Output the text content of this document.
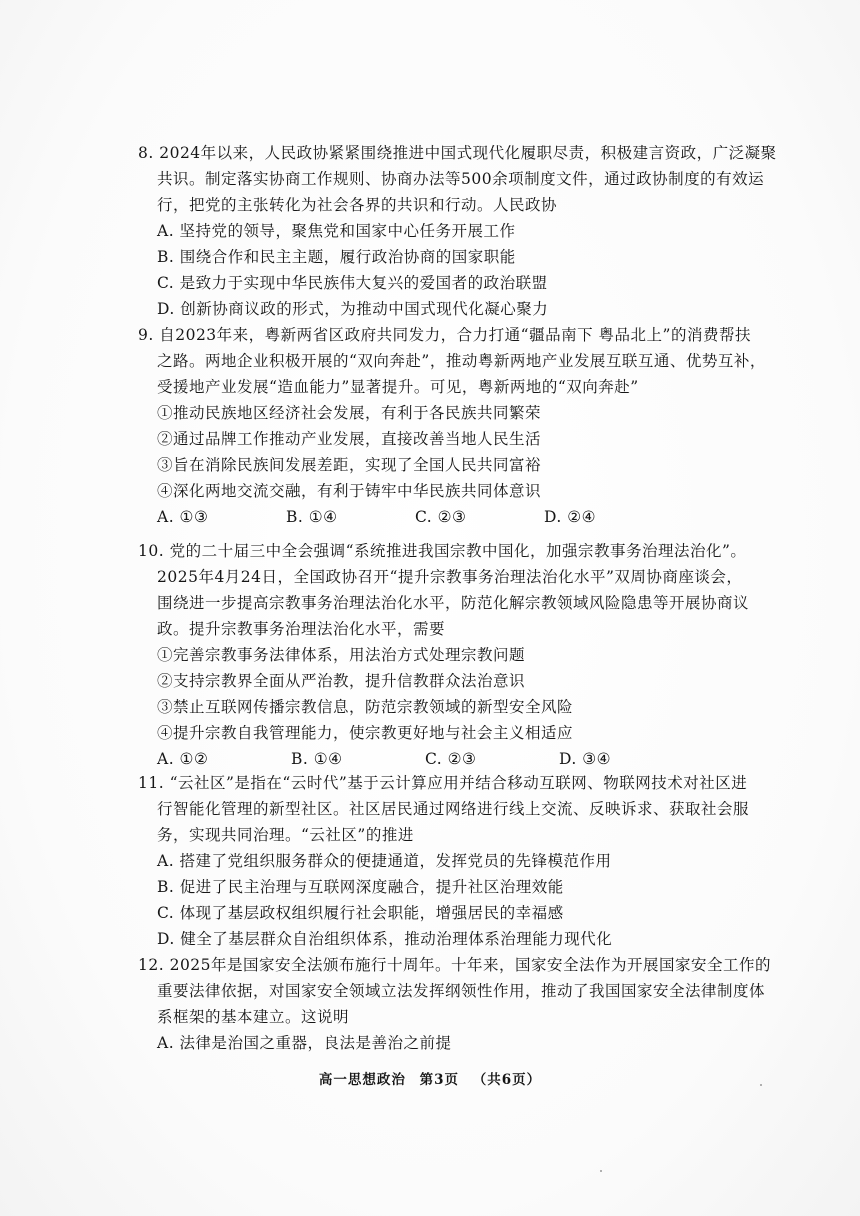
8. 2024年以来，人民政协紧紧围绕推进中国式现代化履职尽责，积极建言资政，广泛凝聚
共识。制定落实协商工作规则、协商办法等500余项制度文件，通过政协制度的有效运
行，把党的主张转化为社会各界的共识和行动。人民政协
A. 坚持党的领导，聚焦党和国家中心任务开展工作
B. 围绕合作和民主主题，履行政治协商的国家职能
C. 是致力于实现中华民族伟大复兴的爱国者的政治联盟
D. 创新协商议政的形式，为推动中国式现代化凝心聚力
9. 自2023年来，粤新两省区政府共同发力，合力打通“疆品南下 粤品北上”的消费帮扶
之路。两地企业积极开展的“双向奔赴”，推动粤新两地产业发展互联互通、优势互补，
受援地产业发展“造血能力”显著提升。可见，粤新两地的“双向奔赴”
①推动民族地区经济社会发展，有利于各民族共同繁荣
②通过品牌工作推动产业发展，直接改善当地人民生活
③旨在消除民族间发展差距，实现了全国人民共同富裕
④深化两地交流交融，有利于铸牢中华民族共同体意识
A. ①③	B. ①④	C. ②③	D. ②④
10. 党的二十届三中全会强调“系统推进我国宗教中国化，加强宗教事务治理法治化”。
2025年4月24日，全国政协召开“提升宗教事务治理法治化水平”双周协商座谈会，
围绕进一步提高宗教事务治理法治化水平，防范化解宗教领域风险隐患等开展协商议
政。提升宗教事务治理法治化水平，需要
①完善宗教事务法律体系，用法治方式处理宗教问题
②支持宗教界全面从严治教，提升信教群众法治意识
③禁止互联网传播宗教信息，防范宗教领域的新型安全风险
④提升宗教自我管理能力，使宗教更好地与社会主义相适应
A. ①②	B. ①④	C. ②③	D. ③④
11. “云社区”是指在“云时代”基于云计算应用并结合移动互联网、物联网技术对社区进
行智能化管理的新型社区。社区居民通过网络进行线上交流、反映诉求、获取社会服
务，实现共同治理。“云社区”的推进
A. 搭建了党组织服务群众的便捷通道，发挥党员的先锋模范作用
B. 促进了民主治理与互联网深度融合，提升社区治理效能
C. 体现了基层政权组织履行社会职能，增强居民的幸福感
D. 健全了基层群众自治组织体系，推动治理体系治理能力现代化
12. 2025年是国家安全法颁布施行十周年。十年来，国家安全法作为开展国家安全工作的
重要法律依据，对国家安全领域立法发挥纲领性作用，推动了我国国家安全法律制度体
系框架的基本建立。这说明
A. 法律是治国之重器，良法是善治之前提
高一思想政治 第3页 （共6页）
